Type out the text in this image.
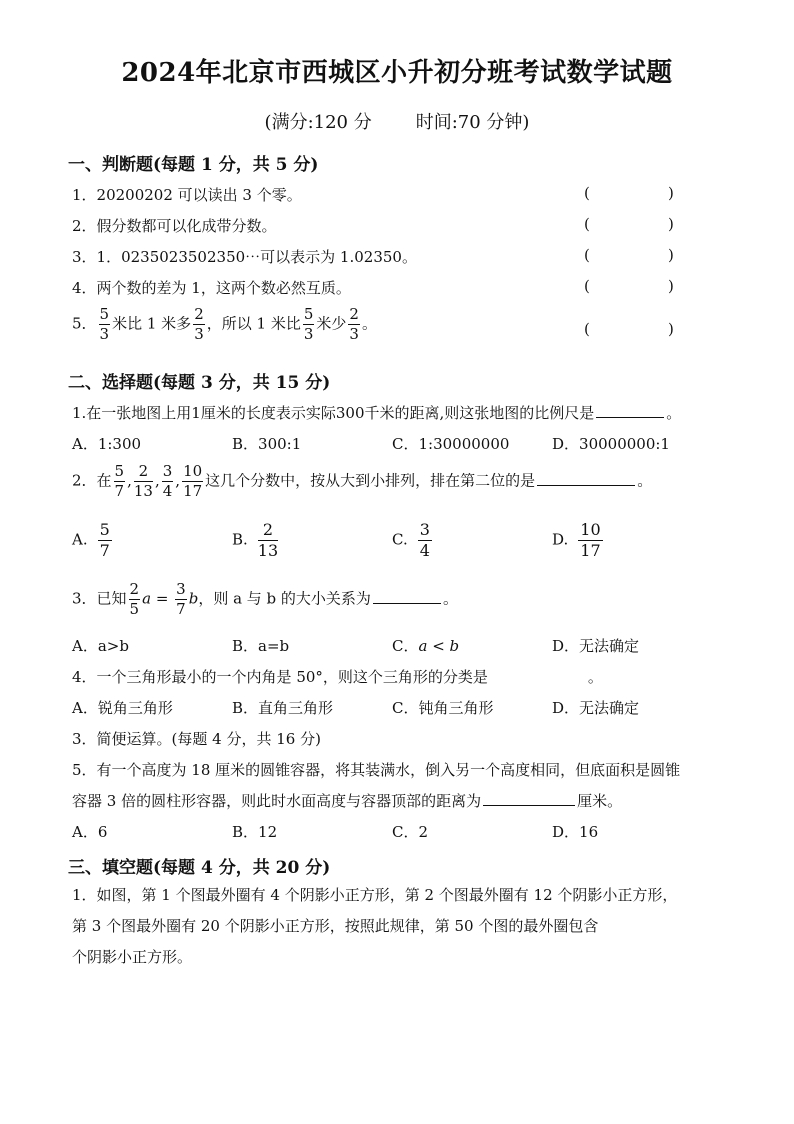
2024年北京市西城区小升初分班考试数学试题
(满分:120 分 时间:70 分钟)
一、判断题(每题 1 分，共 5 分)
1．20200202 可以读出 3 个零。	(	)
2．假分数都可以化成带分数。	(	)
3．1．0235023502350⋯可以表示为 1.02350。	(	)
4．两个数的差为 1，这两个数必然互质。	(	)
5． $\frac{5}{3}$ 米比 1 米多 $\frac{2}{3}$ ，所以 1 米比 $\frac{5}{3}$ 米少 $\frac{2}{3}$ 。	(	)
二、选择题(每题 3 分，共 15 分)
1.在一张地图上用1厘米的长度表示实际300千米的距离,则这张地图的比例尺是	。
A．1:300	B．300:1	C．1:30000000	D．30000000:1
2．在 $\frac{5}{7}$ , $\frac{2}{13}$ , $\frac{3}{4}$ , $\frac{10}{17}$ 这几个分数中，按从大到小排列，排在第二位的是	。
A. $\frac{5}{7}$	B. $\frac{2}{13}$	C. $\frac{3}{4}$	D. $\frac{10}{17}$
3．已知 $\frac{2}{5}$ $a = \frac{3}{7}$ b，则 a 与 b 的大小关系为	。
A．a>b	B．a=b	C．a < b	D．无法确定
4．一个三角形最小的一个内角是 50°，则这个三角形的分类是	。
A．锐角三角形	B．直角三角形	C．钝角三角形	D．无法确定
3．简便运算。(每题 4 分，共 16 分)
5．有一个高度为 18 厘米的圆锥容器，将其装满水，倒入另一个高度相同，但底面积是圆锥
容器 3 倍的圆柱形容器，则此时水面高度与容器顶部的距离为	厘米。
A．6	B．12	C．2	D．16
三、填空题(每题 4 分，共 20 分)
1．如图，第 1 个图最外圈有 4 个阴影小正方形，第 2 个图最外圈有 12 个阴影小正方形，
第 3 个图最外圈有 20 个阴影小正方形，按照此规律，第 50 个图的最外圈包含
个阴影小正方形。
